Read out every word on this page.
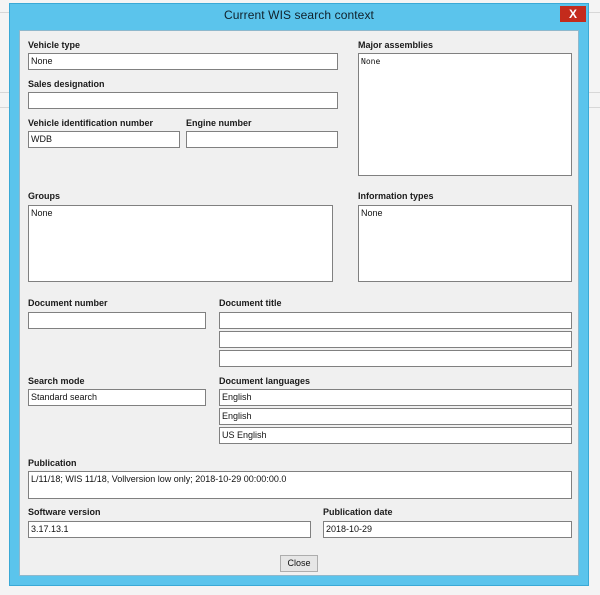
Current WIS search context	X
Vehicle type
None
Sales designation
Vehicle identification number
WDB
Engine number
Major assemblies
None
Groups
None
Information types
None
Document number	Document title
Search mode
Standard search
Document languages
English
English
US English
Publication
L/11/18; WIS 11/18, Vollversion low only; 2018-10-29 00:00:00.0
Software version
3.17.13.1
Publication date
2018-10-29
Close
